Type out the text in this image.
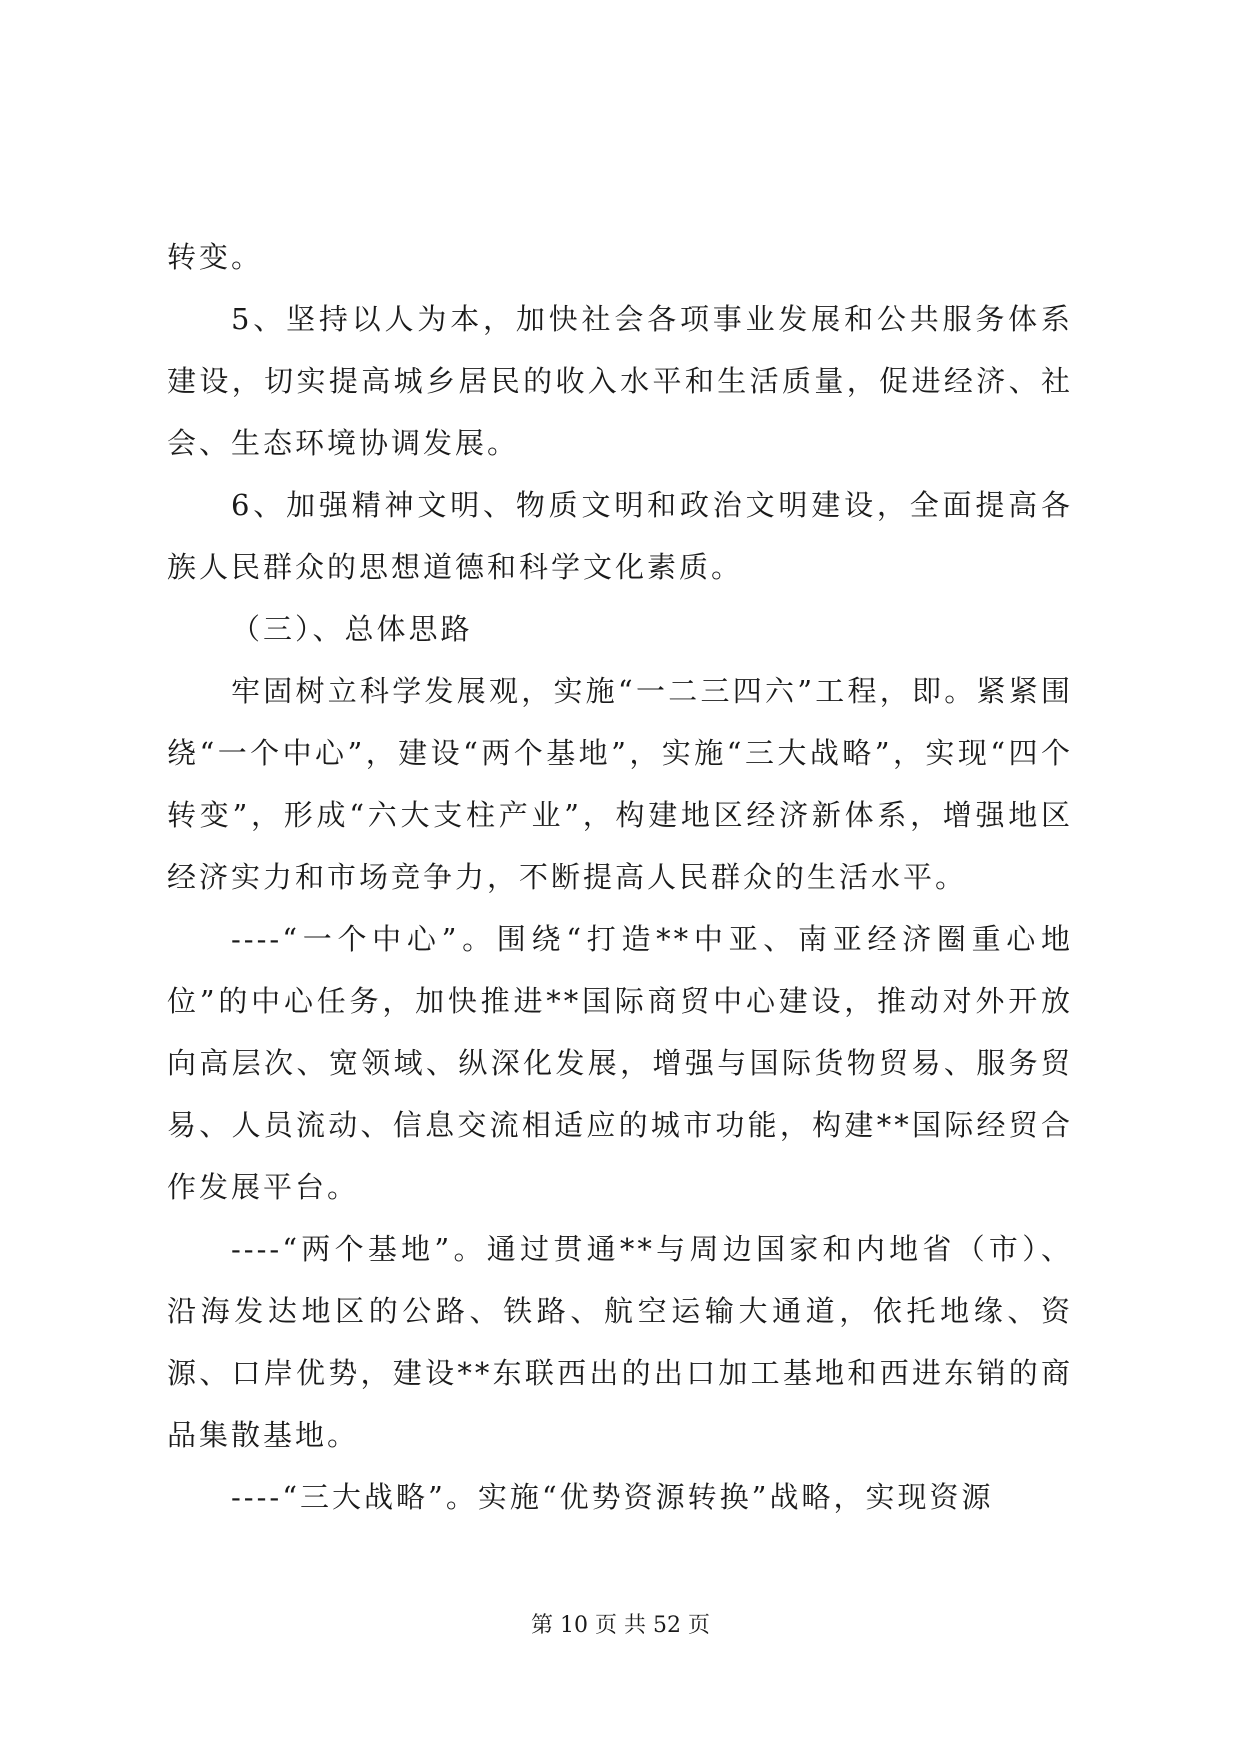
转变。

5、坚持以人为本，加快社会各项事业发展和公共服务体系建设，切实提高城乡居民的收入水平和生活质量，促进经济、社会、生态环境协调发展。

6、加强精神文明、物质文明和政治文明建设，全面提高各族人民群众的思想道德和科学文化素质。

（三）、总体思路

牢固树立科学发展观，实施“一二三四六”工程，即。紧紧围绕“一个中心”，建设“两个基地”，实施“三大战略”，实现“四个转变”，形成“六大支柱产业”，构建地区经济新体系，增强地区经济实力和市场竞争力，不断提高人民群众的生活水平。

----“一个中心”。围绕“打造**中亚、南亚经济圈重心地位”的中心任务，加快推进**国际商贸中心建设，推动对外开放向高层次、宽领域、纵深化发展，增强与国际货物贸易、服务贸易、人员流动、信息交流相适应的城市功能，构建**国际经贸合作发展平台。

----“两个基地”。通过贯通**与周边国家和内地省（市）、沿海发达地区的公路、铁路、航空运输大通道，依托地缘、资源、口岸优势，建设**东联西出的出口加工基地和西进东销的商品集散基地。

----“三大战略”。实施“优势资源转换”战略，实现资源

第 10 页 共 52 页
